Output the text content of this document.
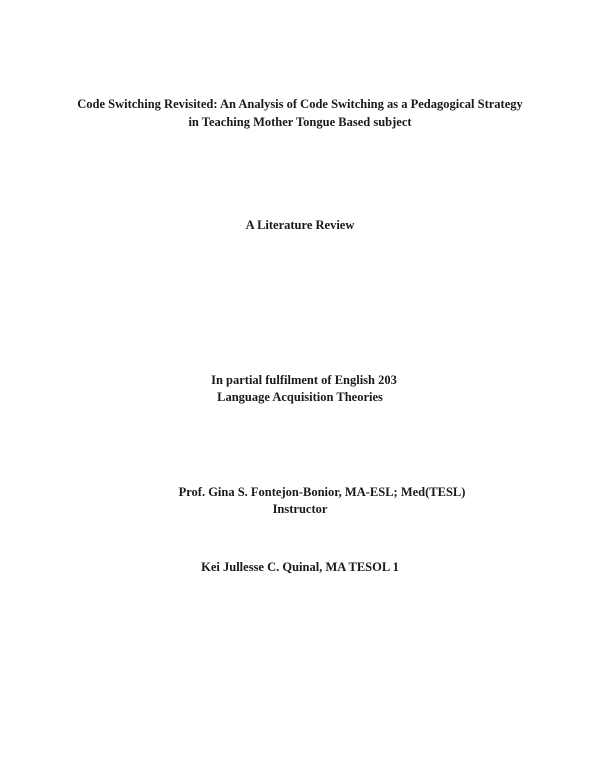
Code Switching Revisited: An Analysis of Code Switching as a Pedagogical Strategy
in Teaching Mother Tongue Based subject
A Literature Review
In partial fulfilment of English 203
Language Acquisition Theories
Prof. Gina S. Fontejon-Bonior, MA-ESL; Med(TESL)
Instructor
Kei Jullesse C. Quinal, MA TESOL 1
